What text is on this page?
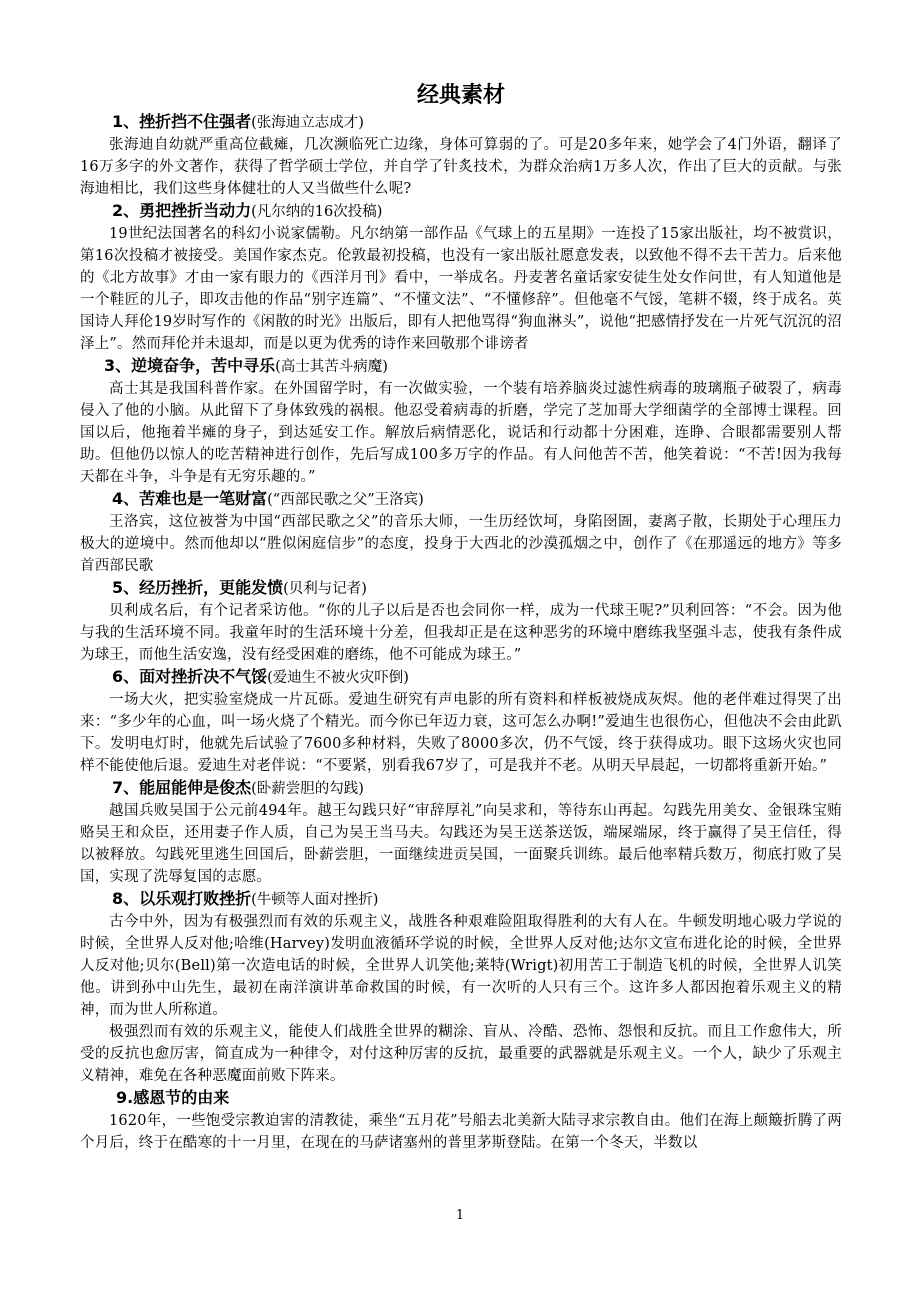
经典素材
1、挫折挡不住强者(张海迪立志成才)

张海迪自幼就严重高位截瘫，几次濒临死亡边缘，身体可算弱的了。可是20多年来，她学会了4门外语，翻译了16万多字的外文著作，获得了哲学硕士学位，并自学了针炙技术，为群众治病1万多人次，作出了巨大的贡献。与张海迪相比，我们这些身体健壮的人又当做些什么呢?

2、勇把挫折当动力(凡尔纳的16次投稿)

19世纪法国著名的科幻小说家儒勒。凡尔纳第一部作品《气球上的五星期》一连投了15家出版社，均不被赏识，第16次投稿才被接受。美国作家杰克。伦敦最初投稿，也没有一家出版社愿意发表，以致他不得不去干苦力。后来他的《北方故事》才由一家有眼力的《西洋月刊》看中，一举成名。丹麦著名童话家安徒生处女作问世，有人知道他是一个鞋匠的儿子，即攻击他的作品“别字连篇”、“不懂文法”、“不懂修辞”。但他毫不气馁，笔耕不辍，终于成名。英国诗人拜伦19岁时写作的《闲散的时光》出版后，即有人把他骂得“狗血淋头”，说他“把感情抒发在一片死气沉沉的沼泽上”。然而拜伦并未退却，而是以更为优秀的诗作来回敬那个诽谤者

3、逆境奋争，苦中寻乐(高士其苦斗病魔)

高士其是我国科普作家。在外国留学时，有一次做实验，一个装有培养脑炎过滤性病毒的玻璃瓶子破裂了，病毒侵入了他的小脑。从此留下了身体致残的祸根。他忍受着病毒的折磨，学完了芝加哥大学细菌学的全部博士课程。回国以后，他拖着半瘫的身子，到达延安工作。解放后病情恶化，说话和行动都十分困难，连睁、合眼都需要别人帮助。但他仍以惊人的吃苦精神进行创作，先后写成100多万字的作品。有人问他苦不苦，他笑着说：“不苦!因为我每天都在斗争，斗争是有无穷乐趣的。”

4、苦难也是一笔财富(“西部民歌之父”王洛宾)

王洛宾，这位被誉为中国“西部民歌之父”的音乐大师，一生历经饮坷，身陷囹圄，妻离子散，长期处于心理压力极大的逆境中。然而他却以“胜似闲庭信步”的态度，投身于大西北的沙漠孤烟之中，创作了《在那遥远的地方》等多首西部民歌

5、经历挫折，更能发愤(贝利与记者)

贝利成名后，有个记者采访他。“你的儿子以后是否也会同你一样，成为一代球王呢?”贝利回答：“不会。因为他与我的生活环境不同。我童年时的生活环境十分差，但我却正是在这种恶劣的环境中磨练我坚强斗志，使我有条件成为球王，而他生活安逸，没有经受困难的磨练，他不可能成为球王。”

6、面对挫折决不气馁(爱迪生不被火灾吓倒)

一场大火，把实验室烧成一片瓦砾。爱迪生研究有声电影的所有资料和样板被烧成灰烬。他的老伴难过得哭了出来：“多少年的心血，叫一场火烧了个精光。而今你已年迈力衰，这可怎么办啊!”爱迪生也很伤心，但他决不会由此趴下。发明电灯时，他就先后试验了7600多种材料，失败了8000多次，仍不气馁，终于获得成功。眼下这场火灾也同样不能使他后退。爱迪生对老伴说：“不要紧，别看我67岁了，可是我并不老。从明天早晨起，一切都将重新开始。”

7、能屈能伸是俊杰(卧薪尝胆的勾践)

越国兵败吴国于公元前494年。越王勾践只好“审辞厚礼”向吴求和，等待东山再起。勾践先用美女、金银珠宝贿赂吴王和众臣，还用妻子作人质，自己为吴王当马夫。勾践还为吴王送茶送饭，端屎端尿，终于赢得了吴王信任，得以被释放。勾践死里逃生回国后，卧薪尝胆，一面继续进贡吴国，一面聚兵训练。最后他率精兵数万，彻底打败了吴国，实现了洗辱复国的志愿。

8、以乐观打败挫折(牛顿等人面对挫折)

古今中外，因为有极强烈而有效的乐观主义，战胜各种艰难险阻取得胜利的大有人在。牛顿发明地心吸力学说的时候，全世界人反对他;哈维(Harvey)发明血液循环学说的时候，全世界人反对他;达尔文宣布进化论的时候，全世界人反对他;贝尔(Bell)第一次造电话的时候，全世界人讥笑他;莱特(Wrigt)初用苦工于制造飞机的时候，全世界人讥笑他。讲到孙中山先生，最初在南洋演讲革命救国的时候，有一次听的人只有三个。这许多人都因抱着乐观主义的精神，而为世人所称道。

极强烈而有效的乐观主义，能使人们战胜全世界的糊涂、盲从、冷酷、恐怖、怨恨和反抗。而且工作愈伟大，所受的反抗也愈厉害，简直成为一种律令，对付这种厉害的反抗，最重要的武器就是乐观主义。一个人，缺少了乐观主义精神，难免在各种恶魔面前败下阵来。

9.感恩节的由来

1620年，一些饱受宗教迫害的清教徒，乘坐“五月花”号船去北美新大陆寻求宗教自由。他们在海上颠簸折腾了两个月后，终于在酷寒的十一月里，在现在的马萨诸塞州的普里茅斯登陆。在第一个冬天，半数以

1
